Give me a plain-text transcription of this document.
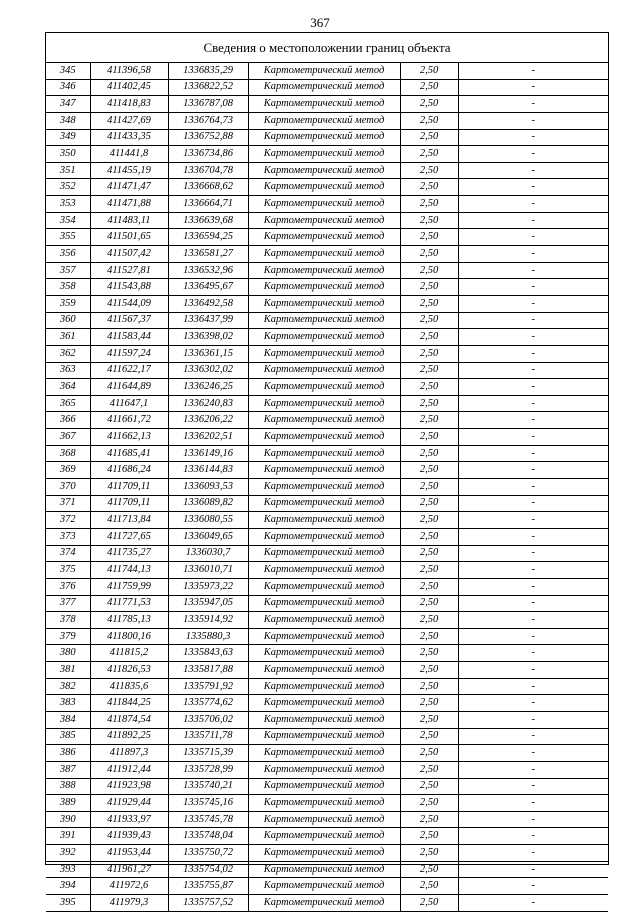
367
Сведения о местоположении границ объекта
345	411396,58	1336835,29	Картометрический метод	2,50	-
346	411402,45	1336822,52	Картометрический метод	2,50	-
347	411418,83	1336787,08	Картометрический метод	2,50	-
348	411427,69	1336764,73	Картометрический метод	2,50	-
349	411433,35	1336752,88	Картометрический метод	2,50	-
350	411441,8	1336734,86	Картометрический метод	2,50	-
351	411455,19	1336704,78	Картометрический метод	2,50	-
352	411471,47	1336668,62	Картометрический метод	2,50	-
353	411471,88	1336664,71	Картометрический метод	2,50	-
354	411483,11	1336639,68	Картометрический метод	2,50	-
355	411501,65	1336594,25	Картометрический метод	2,50	-
356	411507,42	1336581,27	Картометрический метод	2,50	-
357	411527,81	1336532,96	Картометрический метод	2,50	-
358	411543,88	1336495,67	Картометрический метод	2,50	-
359	411544,09	1336492,58	Картометрический метод	2,50	-
360	411567,37	1336437,99	Картометрический метод	2,50	-
361	411583,44	1336398,02	Картометрический метод	2,50	-
362	411597,24	1336361,15	Картометрический метод	2,50	-
363	411622,17	1336302,02	Картометрический метод	2,50	-
364	411644,89	1336246,25	Картометрический метод	2,50	-
365	411647,1	1336240,83	Картометрический метод	2,50	-
366	411661,72	1336206,22	Картометрический метод	2,50	-
367	411662,13	1336202,51	Картометрический метод	2,50	-
368	411685,41	1336149,16	Картометрический метод	2,50	-
369	411686,24	1336144,83	Картометрический метод	2,50	-
370	411709,11	1336093,53	Картометрический метод	2,50	-
371	411709,11	1336089,82	Картометрический метод	2,50	-
372	411713,84	1336080,55	Картометрический метод	2,50	-
373	411727,65	1336049,65	Картометрический метод	2,50	-
374	411735,27	1336030,7	Картометрический метод	2,50	-
375	411744,13	1336010,71	Картометрический метод	2,50	-
376	411759,99	1335973,22	Картометрический метод	2,50	-
377	411771,53	1335947,05	Картометрический метод	2,50	-
378	411785,13	1335914,92	Картометрический метод	2,50	-
379	411800,16	1335880,3	Картометрический метод	2,50	-
380	411815,2	1335843,63	Картометрический метод	2,50	-
381	411826,53	1335817,88	Картометрический метод	2,50	-
382	411835,6	1335791,92	Картометрический метод	2,50	-
383	411844,25	1335774,62	Картометрический метод	2,50	-
384	411874,54	1335706,02	Картометрический метод	2,50	-
385	411892,25	1335711,78	Картометрический метод	2,50	-
386	411897,3	1335715,39	Картометрический метод	2,50	-
387	411912,44	1335728,99	Картометрический метод	2,50	-
388	411923,98	1335740,21	Картометрический метод	2,50	-
389	411929,44	1335745,16	Картометрический метод	2,50	-
390	411933,97	1335745,78	Картометрический метод	2,50	-
391	411939,43	1335748,04	Картометрический метод	2,50	-
392	411953,44	1335750,72	Картометрический метод	2,50	-
393	411961,27	1335754,02	Картометрический метод	2,50	-
394	411972,6	1335755,87	Картометрический метод	2,50	-
395	411979,3	1335757,52	Картометрический метод	2,50	-
